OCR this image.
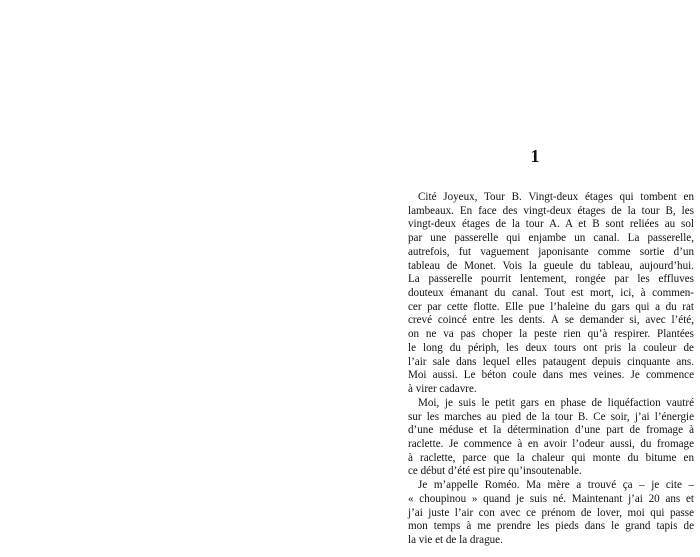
1

Cité Joyeux, Tour B. Vingt-deux étages qui tombent en
lambeaux. En face des vingt-deux étages de la tour B, les
vingt-deux étages de la tour A. A et B sont reliées au sol
par une passerelle qui enjambe un canal. La passerelle,
autrefois, fut vaguement japonisante comme sortie d’un
tableau de Monet. Vois la gueule du tableau, aujourd’hui.
La passerelle pourrit lentement, rongée par les effluves
douteux émanant du canal. Tout est mort, ici, à commen-
cer par cette flotte. Elle pue l’haleine du gars qui a du rat
crevé coincé entre les dents. À se demander si, avec l’été,
on ne va pas choper la peste rien qu’à respirer. Plantées
le long du périph, les deux tours ont pris la couleur de
l’air sale dans lequel elles pataugent depuis cinquante ans.
Moi aussi. Le béton coule dans mes veines. Je commence
à virer cadavre.

Moi, je suis le petit gars en phase de liquéfaction vautré
sur les marches au pied de la tour B. Ce soir, j’ai l’énergie
d’une méduse et la détermination d’une part de fromage à
raclette. Je commence à en avoir l’odeur aussi, du fromage
à raclette, parce que la chaleur qui monte du bitume en
ce début d’été est pire qu’insoutenable.

Je m’appelle Roméo. Ma mère a trouvé ça – je cite –
« choupinou » quand je suis né. Maintenant j’ai 20 ans et
j’ai juste l’air con avec ce prénom de lover, moi qui passe
mon temps à me prendre les pieds dans le grand tapis de
la vie et de la drague.
